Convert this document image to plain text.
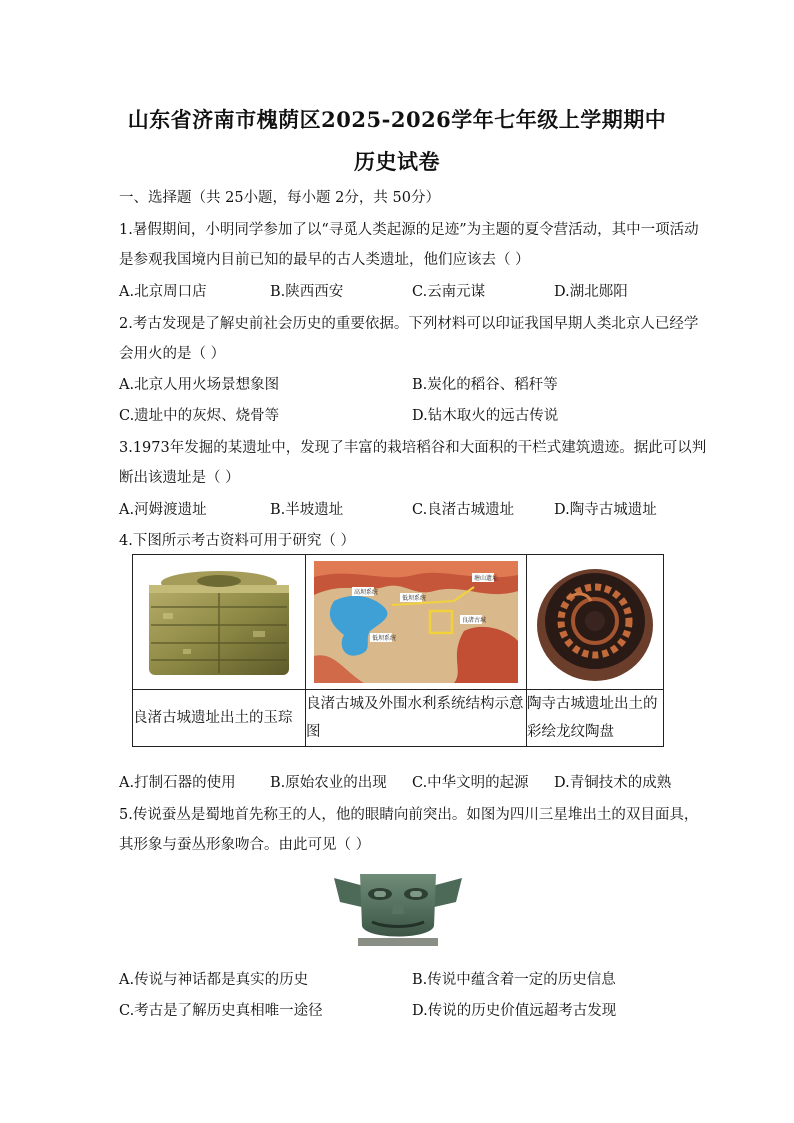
山东省济南市槐荫区2025-2026学年七年级上学期期中
历史试卷
一、选择题（共 25小题，每小题 2分，共 50分）
1.暑假期间，小明同学参加了以“寻觅人类起源的足迹”为主题的夏令营活动，其中一项活动
是参观我国境内目前已知的最早的古人类遗址，他们应该去（ ）
A.北京周口店	B.陕西西安	C.云南元谋	D.湖北郧阳
2.考古发现是了解史前社会历史的重要依据。下列材料可以印证我国早期人类北京人已经学
会用火的是（ ）
A.北京人用火场景想象图	B.炭化的稻谷、稻秆等
C.遗址中的灰烬、烧骨等	D.钻木取火的远古传说
3.1973年发掘的某遗址中，发现了丰富的栽培稻谷和大面积的干栏式建筑遗迹。据此可以判
断出该遗址是（ ）
A.河姆渡遗址	B.半坡遗址	C.良渚古城遗址	D.陶寺古城遗址
4.下图所示考古资料可用于研究（ ）

高坝系统
低坝系统
塘山遗址
良渚古城
低坝系统

良渚古城遗址出土的玉琮	良渚古城及外围水利系统结构示意图	陶寺古城遗址出土的彩绘龙纹陶盘
A.打制石器的使用 B.原始农业的出现 C.中华文明的起源 D.青铜技术的成熟
5.传说蚕丛是蜀地首先称王的人，他的眼睛向前突出。如图为四川三星堆出土的双目面具，
其形象与蚕丛形象吻合。由此可见（ ）
A.传说与神话都是真实的历史	B.传说中蕴含着一定的历史信息
C.考古是了解历史真相唯一途径	D.传说的历史价值远超考古发现
